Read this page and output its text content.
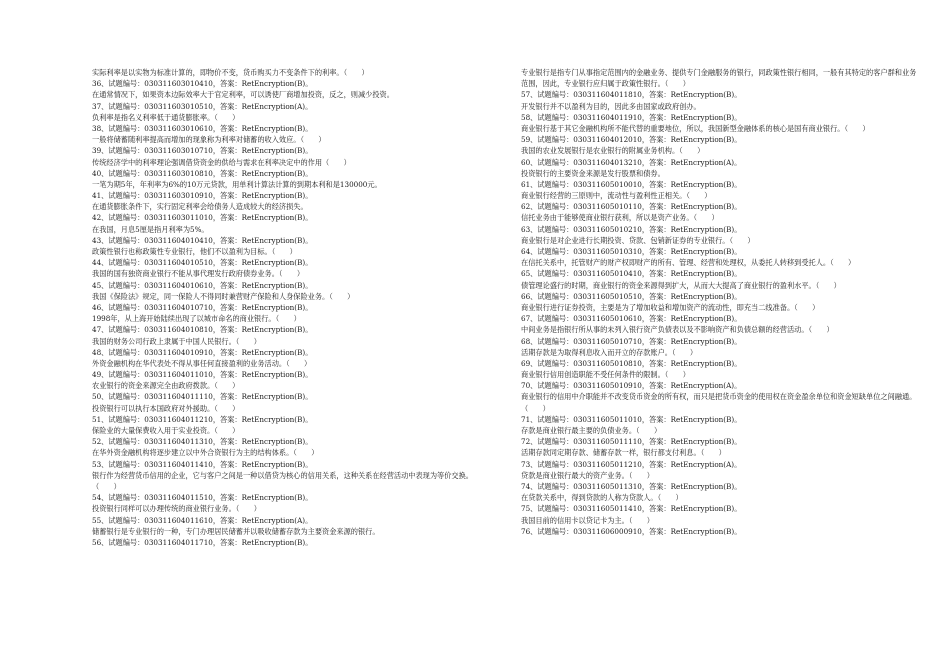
实际利率是以实物为标准计算的，即物价不变，货币购买力不变条件下的利率。（　　）
36、试题编号：030311603010410，答案：RetEncryption(B)。
在通常情况下，如果资本边际效率大于官定利率，可以诱使厂商增加投资，反之，则减少投资。
37、试题编号：030311603010510，答案：RetEncryption(A)。
负利率是指名义利率低于通货膨胀率。（　　）
38、试题编号：030311603010610，答案：RetEncryption(B)。
一般将储蓄随利率提高而增加的现象称为利率对储蓄的收入效应。（　　）
39、试题编号：030311603010710，答案：RetEncryption(B)。
传统经济学中的利率理论强调借贷资金的供给与需求在利率决定中的作用（　　）
40、试题编号：030311603010810，答案：RetEncryption(B)。
一笔为期5年，年利率为6%的10万元贷款，用单利计算法计算的到期本利和是130000元。
41、试题编号：030311603010910，答案：RetEncryption(B)。
在通货膨胀条件下，实行固定利率会给债务人造成较大的经济损失。
42、试题编号：030311603011010，答案：RetEncryption(B)。
在我国，月息5厘是指月利率为5%。
43、试题编号：030311604010410，答案：RetEncryption(B)。
政策性银行也称政策性专业银行，他们不以盈利为目标。（　　）
44、试题编号：030311604010510，答案：RetEncryption(B)。
我国的国有独资商业银行不能从事代理发行政府债券业务。（　　）
45、试题编号：030311604010610，答案：RetEncryption(B)。
我国《保险法》规定，同一保险人不得同时兼营财产保险和人身保险业务。（　　）
46、试题编号：030311604010710，答案：RetEncryption(B)。
1998年，从上海开始陆续出现了以城市命名的商业银行。（　　）
47、试题编号：030311604010810，答案：RetEncryption(B)。
我国的财务公司行政上隶属于中国人民银行。（　　）
48、试题编号：030311604010910，答案：RetEncryption(B)。
外资金融机构在华代表处不得从事任何直接盈利的业务活动。（　　）
49、试题编号：030311604011010，答案：RetEncryption(B)。
农业银行的资金来源完全由政府拨款。（　　）
50、试题编号：030311604011110，答案：RetEncryption(B)。
投资银行可以执行本国政府对外援助。（　　）
51、试题编号：030311604011210，答案：RetEncryption(B)。
保险业的大量保费收入用于实业投资。（　　）
52、试题编号：030311604011310，答案：RetEncryption(B)。
在华外资金融机构将逐步建立以中外合资银行为主的结构体系。（　　）
53、试题编号：030311604011410，答案：RetEncryption(B)。
银行作为经营货币信用的企业，它与客户之间是一种以借贷为核心的信用关系，这种关系在经营活动中表现为等价交换。（　　）
54、试题编号：030311604011510，答案：RetEncryption(B)。
投资银行同样可以办理传统的商业银行业务。（　　）
55、试题编号：030311604011610，答案：RetEncryption(A)。
储蓄银行是专业银行的一种，专门办理居民储蓄并以吸收储蓄存款为主要资金来源的银行。
56、试题编号：030311604011710，答案：RetEncryption(B)。
专业银行是指专门从事指定范围内的金融业务、提供专门金融服务的银行，同政策性银行相同，一般有其特定的客户群和业务范围，因此，专业银行应归属于政策性银行。（　　）
57、试题编号：030311604011810，答案：RetEncryption(B)。
开发银行并不以盈利为目的，因此多由国家或政府创办。
58、试题编号：030311604011910，答案：RetEncryption(B)。
商业银行基于其它金融机构所不能代替的重要地位，所以，我国新型金融体系的核心是国有商业银行。（　　）
59、试题编号：030311604012010，答案：RetEncryption(B)。
我国的农业发展银行是农业银行的附属业务机构。（　　）
60、试题编号：030311604013210，答案：RetEncryption(A)。
投资银行的主要资金来源是发行股票和债券。
61、试题编号：030311605010010，答案：RetEncryption(B)。
商业银行经营的三原则中，流动性与盈利性正相关。（　　）
62、试题编号：030311605010110，答案：RetEncryption(B)。
信托业务由于能够使商业银行获利，所以是资产业务。（　　）
63、试题编号：030311605010210，答案：RetEncryption(B)。
商业银行是对企业进行长期投资、贷款、包销新证券的专业银行。（　　）
64、试题编号：030311605010310，答案：RetEncryption(B)。
在信托关系中，托管财产的财产权即财产的所有、管理、经营和处理权，从委托人转移到受托人。（　　）
65、试题编号：030311605010410，答案：RetEncryption(B)。
债管理论盛行的时期，商业银行的资金来源得到扩大，从而大大提高了商业银行的盈利水平。（　　）
66、试题编号：030311605010510，答案：RetEncryption(B)。
商业银行进行证券投资，主要是为了增加收益和增加资产的流动性，即充当二线准备。（　　）
67、试题编号：030311605010610，答案：RetEncryption(B)。
中间业务是指银行所从事的未列入银行资产负债表以及不影响资产和负债总额的经营活动。（　　）
68、试题编号：030311605010710，答案：RetEncryption(B)。
活期存款是为取得利息收入而开立的存款账户。（　　）
69、试题编号：030311605010810，答案：RetEncryption(B)。
商业银行信用创造职能不受任何条件的限制。（　　）
70、试题编号：030311605010910，答案：RetEncryption(A)。
商业银行的信用中介职能并不改变货币资金的所有权，而只是把货币资金的使用权在资金盈余单位和资金短缺单位之间融通。（　　）
71、试题编号：030311605011010，答案：RetEncryption(B)。
存款是商业银行最主要的负债业务。（　　）
72、试题编号：030311605011110，答案：RetEncryption(B)。
活期存款同定期存款、储蓄存款一样，银行都支付利息。（　　）
73、试题编号：030311605011210，答案：RetEncryption(A)。
贷款是商业银行最大的资产业务。（　　）
74、试题编号：030311605011310，答案：RetEncryption(B)。
在贷款关系中，得到贷款的人称为贷款人。（　　）
75、试题编号：030311605011410，答案：RetEncryption(B)。
我国目前的信用卡以贷记卡为主。（　　）
76、试题编号：030311606000910，答案：RetEncryption(B)。
